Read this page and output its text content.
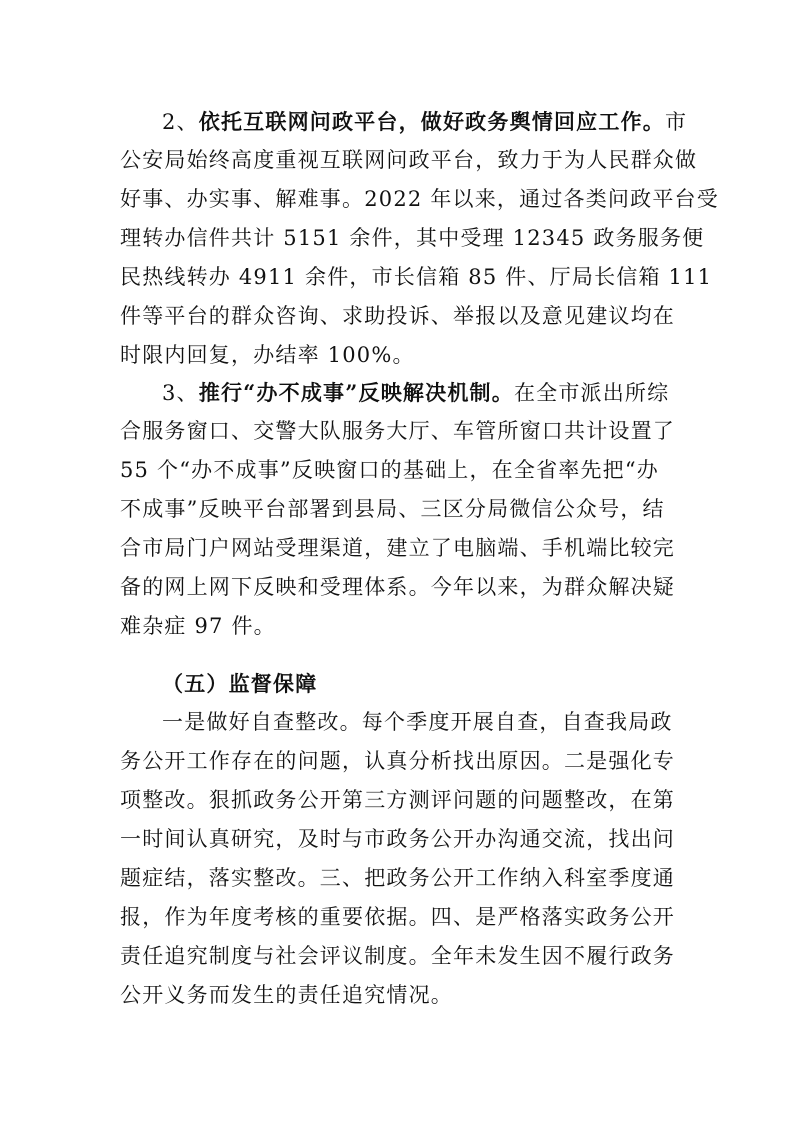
2、依托互联网问政平台，做好政务舆情回应工作。市
公安局始终高度重视互联网问政平台，致力于为人民群众做
好事、办实事、解难事。2022 年以来，通过各类问政平台受
理转办信件共计 5151 余件，其中受理 12345 政务服务便
民热线转办 4911 余件，市长信箱 85 件、厅局长信箱 111
件等平台的群众咨询、求助投诉、举报以及意见建议均在
时限内回复，办结率 100%。
3、推行“办不成事”反映解决机制。在全市派出所综
合服务窗口、交警大队服务大厅、车管所窗口共计设置了
55 个“办不成事”反映窗口的基础上，在全省率先把“办
不成事”反映平台部署到县局、三区分局微信公众号，结
合市局门户网站受理渠道，建立了电脑端、手机端比较完
备的网上网下反映和受理体系。今年以来，为群众解决疑
难杂症 97 件。
（五）监督保障
一是做好自查整改。每个季度开展自查，自查我局政
务公开工作存在的问题，认真分析找出原因。二是强化专
项整改。狠抓政务公开第三方测评问题的问题整改，在第
一时间认真研究，及时与市政务公开办沟通交流，找出问
题症结，落实整改。三、把政务公开工作纳入科室季度通
报，作为年度考核的重要依据。四、是严格落实政务公开
责任追究制度与社会评议制度。全年未发生因不履行政务
公开义务而发生的责任追究情况。
